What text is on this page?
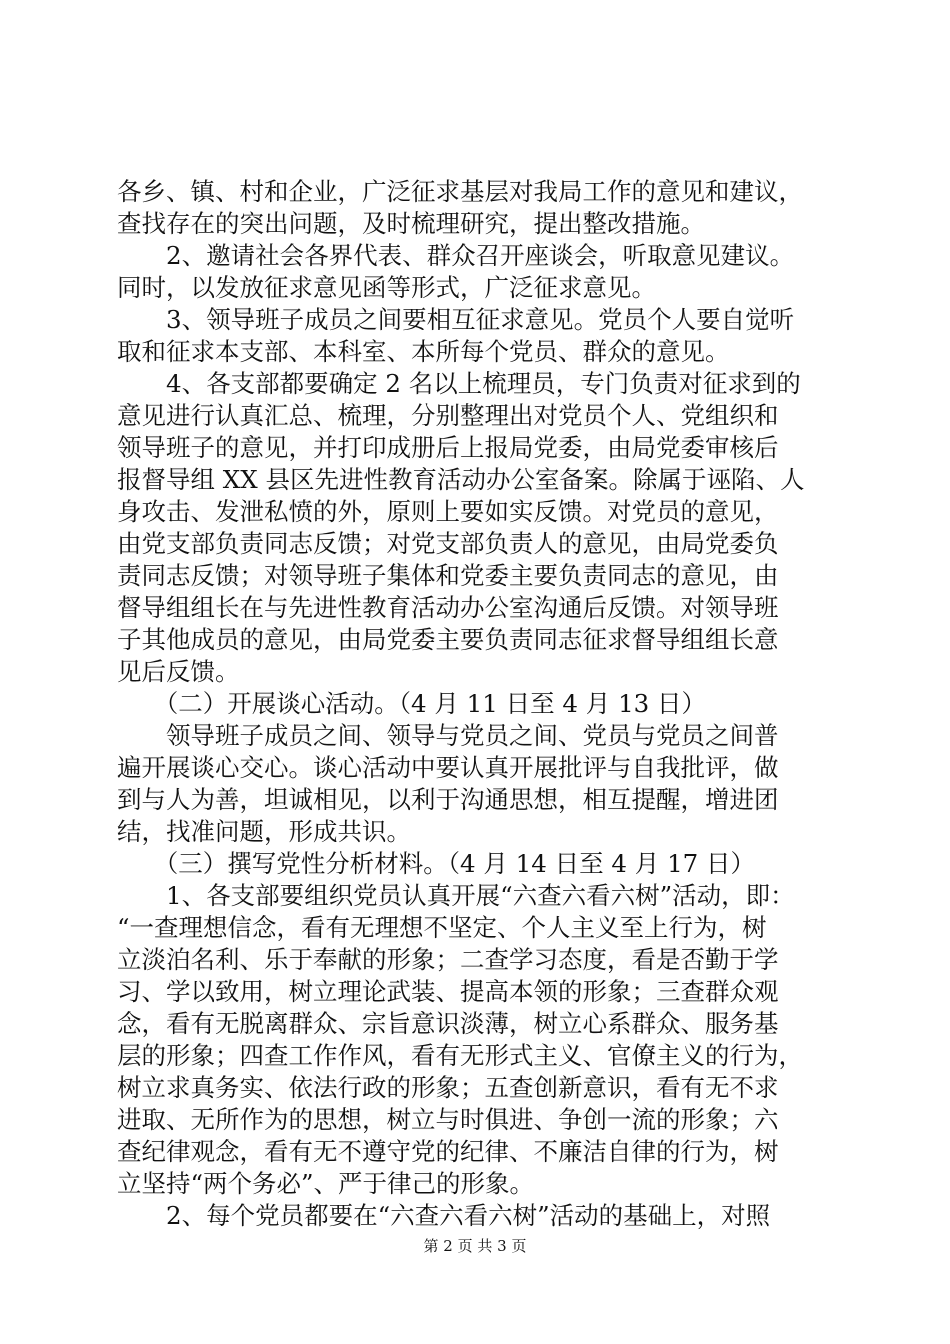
各乡、镇、村和企业，广泛征求基层对我局工作的意见和建议，
查找存在的突出问题，及时梳理研究，提出整改措施。
　　2、邀请社会各界代表、群众召开座谈会，听取意见建议。
同时，以发放征求意见函等形式，广泛征求意见。
　　3、领导班子成员之间要相互征求意见。党员个人要自觉听
取和征求本支部、本科室、本所每个党员、群众的意见。
　　4、各支部都要确定 2 名以上梳理员，专门负责对征求到的
意见进行认真汇总、梳理，分别整理出对党员个人、党组织和
领导班子的意见，并打印成册后上报局党委，由局党委审核后
报督导组 XX 县区先进性教育活动办公室备案。除属于诬陷、人
身攻击、发泄私愤的外，原则上要如实反馈。对党员的意见，
由党支部负责同志反馈；对党支部负责人的意见，由局党委负
责同志反馈；对领导班子集体和党委主要负责同志的意见，由
督导组组长在与先进性教育活动办公室沟通后反馈。对领导班
子其他成员的意见，由局党委主要负责同志征求督导组组长意
见后反馈。
　　（二）开展谈心活动。（4 月 11 日至 4 月 13 日）
　　领导班子成员之间、领导与党员之间、党员与党员之间普
遍开展谈心交心。谈心活动中要认真开展批评与自我批评，做
到与人为善，坦诚相见，以利于沟通思想，相互提醒，增进团
结，找准问题，形成共识。
　　（三）撰写党性分析材料。（4 月 14 日至 4 月 17 日）
　　1、各支部要组织党员认真开展“六查六看六树”活动，即：
“一查理想信念，看有无理想不坚定、个人主义至上行为，树
立淡泊名利、乐于奉献的形象；二查学习态度，看是否勤于学
习、学以致用，树立理论武装、提高本领的形象；三查群众观
念，看有无脱离群众、宗旨意识淡薄，树立心系群众、服务基
层的形象；四查工作作风，看有无形式主义、官僚主义的行为，
树立求真务实、依法行政的形象；五查创新意识，看有无不求
进取、无所作为的思想，树立与时俱进、争创一流的形象；六
查纪律观念，看有无不遵守党的纪律、不廉洁自律的行为，树
立坚持“两个务必”、严于律己的形象。
　　2、每个党员都要在“六查六看六树”活动的基础上，对照
第 2 页 共 3 页
